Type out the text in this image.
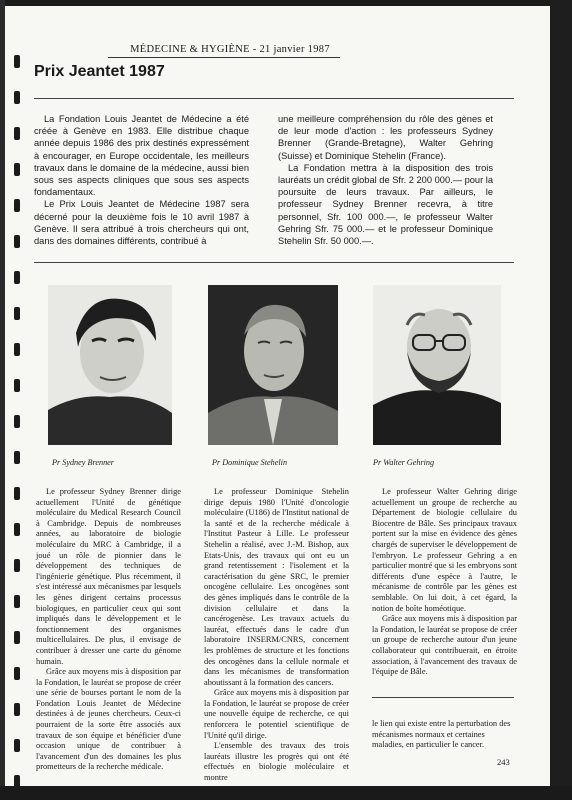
MÉDECINE & HYGIÈNE - 21 janvier 1987
Prix Jeantet 1987

La Fondation Louis Jeantet de Médecine a été créée à Genève en 1983. Elle distribue chaque année depuis 1986 des prix destinés expressément à encourager, en Europe occidentale, les meilleurs travaux dans le domaine de la médecine, aussi bien sous ses aspects cliniques que sous ses aspects fondamentaux.

Le Prix Louis Jeantet de Médecine 1987 sera décerné pour la deuxième fois le 10 avril 1987 à Genève. Il sera attribué à trois chercheurs qui ont, dans des domaines différents, contribué à

une meilleure compréhension du rôle des gènes et de leur mode d'action : les professeurs Sydney Brenner (Grande-Bretagne), Walter Gehring (Suisse) et Dominique Stehelin (France).

La Fondation mettra à la disposition des trois lauréats un crédit global de Sfr. 2 200 000.— pour la poursuite de leurs travaux. Par ailleurs, le professeur Sydney Brenner recevra, à titre personnel, Sfr. 100 000.—, le professeur Walter Gehring Sfr. 75 000.— et le professeur Dominique Stehelin Sfr. 50 000.—.

Pr Sydney Brenner	Pr Dominique Stehelin	Pr Walter Gehring

Le professeur Sydney Brenner dirige actuellement l'Unité de génétique moléculaire du Medical Research Council à Cambridge. Depuis de nombreuses années, au laboratoire de biologie moléculaire du MRC à Cambridge, il a joué un rôle de pionnier dans le développement des techniques de l'ingénierie génétique. Plus récemment, il s'est intéressé aux mécanismes par lesquels les gènes dirigent certains processus biologiques, en particulier ceux qui sont impliqués dans le développement et le fonctionnement des organismes multicellulaires. De plus, il envisage de contribuer à dresser une carte du génome humain.

Grâce aux moyens mis à disposition par la Fondation, le lauréat se propose de créer une série de bourses portant le nom de la Fondation Louis Jeantet de Médecine destinées à de jeunes chercheurs. Ceux-ci pourraient de la sorte être associés aux travaux de son équipe et bénéficier d'une occasion unique de contribuer à l'avancement d'un des domaines les plus prometteurs de la recherche médicale.

Le professeur Dominique Stehelin dirige depuis 1980 l'Unité d'oncologie moléculaire (U186) de l'Institut national de la santé et de la recherche médicale à l'Institut Pasteur à Lille. Le professeur Stehelin a réalisé, avec J.-M. Bishop, aux Etats-Unis, des travaux qui ont eu un grand retentissement : l'isolement et la caractérisation du gène SRC, le premier oncogène cellulaire. Les oncogènes sont des gènes impliqués dans le contrôle de la division cellulaire et dans la cancérogenèse. Les travaux actuels du lauréat, effectués dans le cadre d'un laboratoire INSERM/CNRS, concernent les problèmes de structure et les fonctions des oncogènes dans la cellule normale et dans les mécanismes de transformation aboutissant à la formation des cancers.

Grâce aux moyens mis à disposition par la Fondation, le lauréat se propose de créer une nouvelle équipe de recherche, ce qui renforcera le potentiel scientifique de l'Unité qu'il dirige.

L'ensemble des travaux des trois lauréats illustre les progrès qui ont été effectués en biologie moléculaire et montre

Le professeur Walter Gehring dirige actuellement un groupe de recherche au Département de biologie cellulaire du Biocentre de Bâle. Ses principaux travaux portent sur la mise en évidence des gènes chargés de superviser le développement de l'embryon. Le professeur Gehring a en particulier montré que si les embryons sont différents d'une espèce à l'autre, le mécanisme de contrôle par les gènes est semblable. On lui doit, à cet égard, la notion de boîte homéotique.

Grâce aux moyens mis à disposition par la Fondation, le lauréat se propose de créer un groupe de recherche autour d'un jeune collaborateur qui contribuerait, en étroite association, à l'avancement des travaux de l'équipe de Bâle.

le lien qui existe entre la perturbation des mécanismes normaux et certaines maladies, en particulier le cancer.
243
